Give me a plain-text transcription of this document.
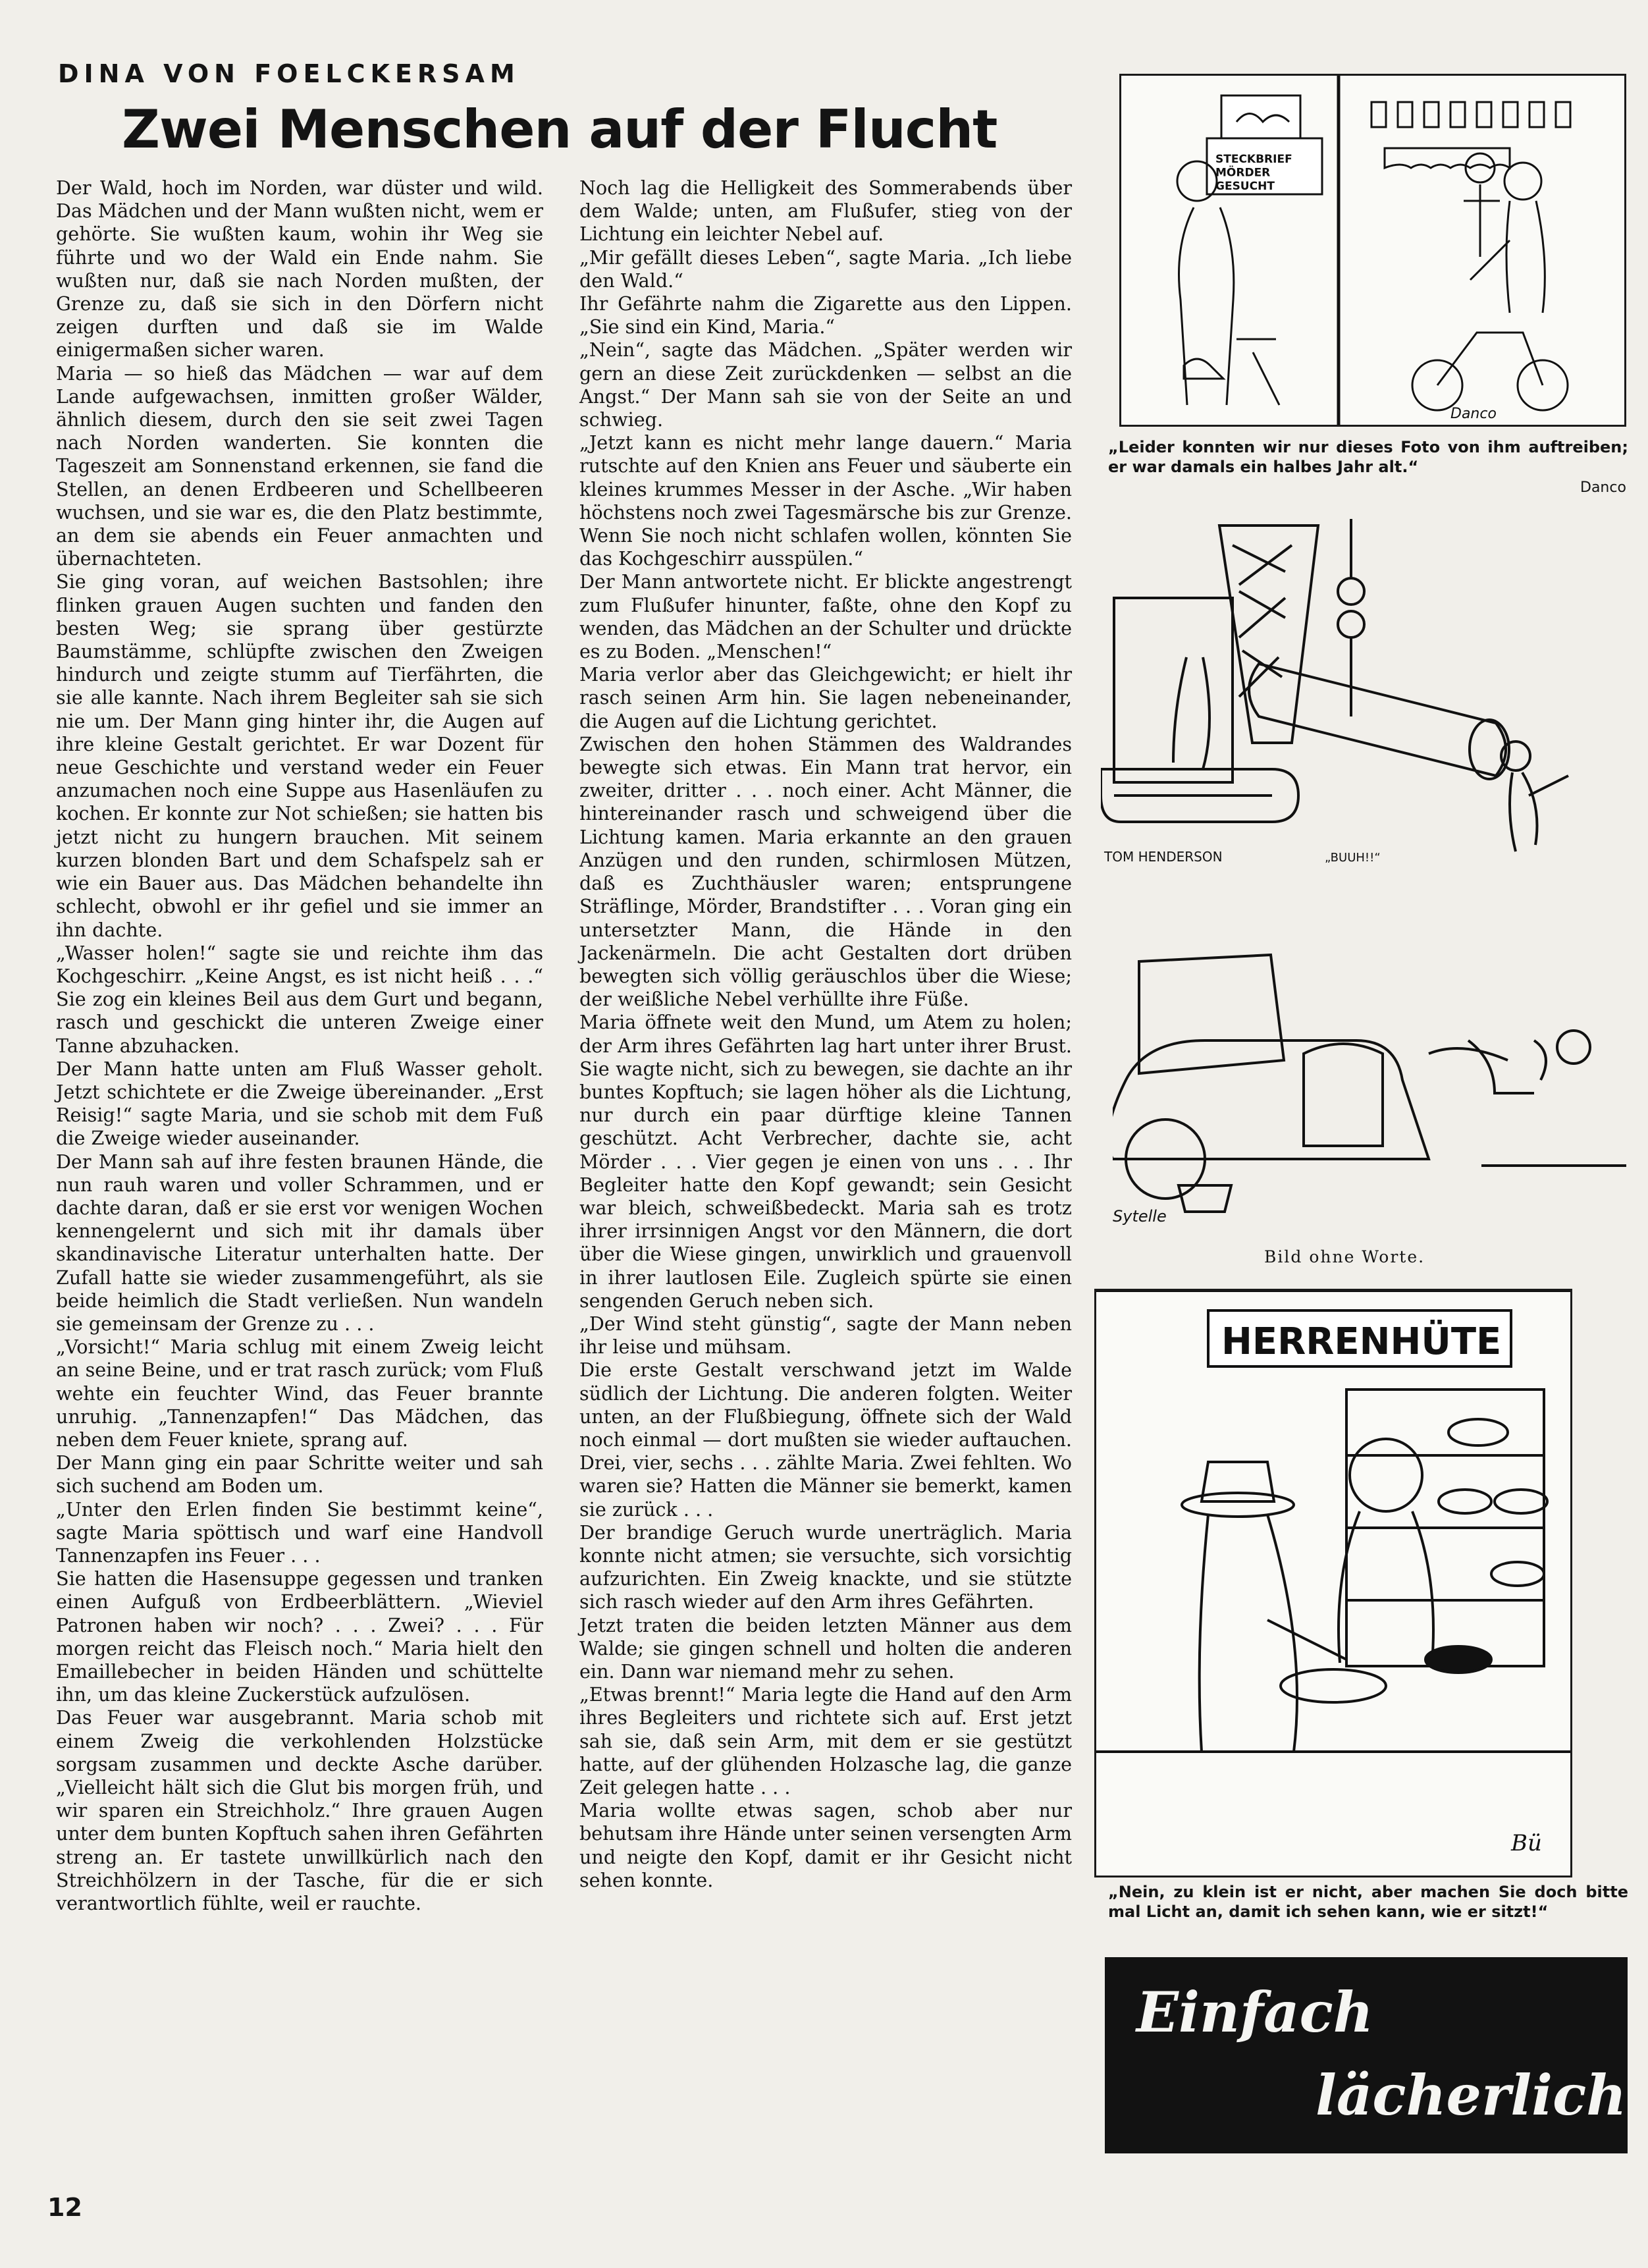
DINA VON FOELCKERSAM
Zwei Menschen auf der Flucht

Der Wald, hoch im Norden, war düster und wild. Das Mädchen und der Mann wußten nicht, wem er gehörte. Sie wußten kaum, wohin ihr Weg sie führte und wo der Wald ein Ende nahm. Sie wußten nur, daß sie nach Norden mußten, der Grenze zu, daß sie sich in den Dörfern nicht zeigen durften und daß sie im Walde einigermaßen sicher waren.

Maria — so hieß das Mädchen — war auf dem Lande aufgewachsen, inmitten großer Wälder, ähnlich diesem, durch den sie seit zwei Tagen nach Norden wanderten. Sie konnten die Tageszeit am Sonnenstand erkennen, sie fand die Stellen, an denen Erdbeeren und Schellbeeren wuchsen, und sie war es, die den Platz bestimmte, an dem sie abends ein Feuer anmachten und übernachteten.

Sie ging voran, auf weichen Bastsohlen; ihre flinken grauen Augen suchten und fanden den besten Weg; sie sprang über gestürzte Baumstämme, schlüpfte zwischen den Zweigen hindurch und zeigte stumm auf Tierfährten, die sie alle kannte. Nach ihrem Begleiter sah sie sich nie um. Der Mann ging hinter ihr, die Augen auf ihre kleine Gestalt gerichtet. Er war Dozent für neue Geschichte und verstand weder ein Feuer anzumachen noch eine Suppe aus Hasenläufen zu kochen. Er konnte zur Not schießen; sie hatten bis jetzt nicht zu hungern brauchen. Mit seinem kurzen blonden Bart und dem Schafspelz sah er wie ein Bauer aus. Das Mädchen behandelte ihn schlecht, obwohl er ihr gefiel und sie immer an ihn dachte.

„Wasser holen!“ sagte sie und reichte ihm das Kochgeschirr. „Keine Angst, es ist nicht heiß . . .“ Sie zog ein kleines Beil aus dem Gurt und begann, rasch und geschickt die unteren Zweige einer Tanne abzuhacken.

Der Mann hatte unten am Fluß Wasser geholt. Jetzt schichtete er die Zweige übereinander. „Erst Reisig!“ sagte Maria, und sie schob mit dem Fuß die Zweige wieder auseinander.

Der Mann sah auf ihre festen braunen Hände, die nun rauh waren und voller Schrammen, und er dachte daran, daß er sie erst vor wenigen Wochen kennengelernt und sich mit ihr damals über skandinavische Literatur unterhalten hatte. Der Zufall hatte sie wieder zusammengeführt, als sie beide heimlich die Stadt verließen. Nun wandeln sie gemeinsam der Grenze zu . . .

„Vorsicht!“ Maria schlug mit einem Zweig leicht an seine Beine, und er trat rasch zurück; vom Fluß wehte ein feuchter Wind, das Feuer brannte unruhig. „Tannenzapfen!“ Das Mädchen, das neben dem Feuer kniete, sprang auf.

Der Mann ging ein paar Schritte weiter und sah sich suchend am Boden um.

„Unter den Erlen finden Sie bestimmt keine“, sagte Maria spöttisch und warf eine Handvoll Tannenzapfen ins Feuer . . .

Sie hatten die Hasensuppe gegessen und tranken einen Aufguß von Erdbeerblättern. „Wieviel Patronen haben wir noch? . . . Zwei? . . . Für morgen reicht das Fleisch noch.“ Maria hielt den Emaillebecher in beiden Händen und schüttelte ihn, um das kleine Zuckerstück aufzulösen.

Das Feuer war ausgebrannt. Maria schob mit einem Zweig die verkohlenden Holzstücke sorgsam zusammen und deckte Asche darüber. „Vielleicht hält sich die Glut bis morgen früh, und wir sparen ein Streichholz.“ Ihre grauen Augen unter dem bunten Kopftuch sahen ihren Gefährten streng an. Er tastete unwillkürlich nach den Streichhölzern in der Tasche, für die er sich verantwortlich fühlte, weil er rauchte.

Noch lag die Helligkeit des Sommerabends über dem Walde; unten, am Flußufer, stieg von der Lichtung ein leichter Nebel auf.

„Mir gefällt dieses Leben“, sagte Maria. „Ich liebe den Wald.“

Ihr Gefährte nahm die Zigarette aus den Lippen. „Sie sind ein Kind, Maria.“

„Nein“, sagte das Mädchen. „Später werden wir gern an diese Zeit zurückdenken — selbst an die Angst.“ Der Mann sah sie von der Seite an und schwieg.

„Jetzt kann es nicht mehr lange dauern.“ Maria rutschte auf den Knien ans Feuer und säuberte ein kleines krummes Messer in der Asche. „Wir haben höchstens noch zwei Tagesmärsche bis zur Grenze. Wenn Sie noch nicht schlafen wollen, könnten Sie das Kochgeschirr ausspülen.“

Der Mann antwortete nicht. Er blickte angestrengt zum Flußufer hinunter, faßte, ohne den Kopf zu wenden, das Mädchen an der Schulter und drückte es zu Boden. „Menschen!“

Maria verlor aber das Gleichgewicht; er hielt ihr rasch seinen Arm hin. Sie lagen nebeneinander, die Augen auf die Lichtung gerichtet.

Zwischen den hohen Stämmen des Waldrandes bewegte sich etwas. Ein Mann trat hervor, ein zweiter, dritter . . . noch einer. Acht Männer, die hintereinander rasch und schweigend über die Lichtung kamen. Maria erkannte an den grauen Anzügen und den runden, schirmlosen Mützen, daß es Zuchthäusler waren; entsprungene Sträflinge, Mörder, Brandstifter . . . Voran ging ein untersetzter Mann, die Hände in den Jackenärmeln. Die acht Gestalten dort drüben bewegten sich völlig geräuschlos über die Wiese; der weißliche Nebel verhüllte ihre Füße.

Maria öffnete weit den Mund, um Atem zu holen; der Arm ihres Gefährten lag hart unter ihrer Brust. Sie wagte nicht, sich zu bewegen, sie dachte an ihr buntes Kopftuch; sie lagen höher als die Lichtung, nur durch ein paar dürftige kleine Tannen geschützt. Acht Verbrecher, dachte sie, acht Mörder . . . Vier gegen je einen von uns . . . Ihr Begleiter hatte den Kopf gewandt; sein Gesicht war bleich, schweißbedeckt. Maria sah es trotz ihrer irrsinnigen Angst vor den Männern, die dort über die Wiese gingen, unwirklich und grauenvoll in ihrer lautlosen Eile. Zugleich spürte sie einen sengenden Geruch neben sich.

„Der Wind steht günstig“, sagte der Mann neben ihr leise und mühsam.

Die erste Gestalt verschwand jetzt im Walde südlich der Lichtung. Die anderen folgten. Weiter unten, an der Flußbiegung, öffnete sich der Wald noch einmal — dort mußten sie wieder auftauchen. Drei, vier, sechs . . . zählte Maria. Zwei fehlten. Wo waren sie? Hatten die Männer sie bemerkt, kamen sie zurück . . .

Der brandige Geruch wurde unerträglich. Maria konnte nicht atmen; sie versuchte, sich vorsichtig aufzurichten. Ein Zweig knackte, und sie stützte sich rasch wieder auf den Arm ihres Gefährten.

Jetzt traten die beiden letzten Männer aus dem Walde; sie gingen schnell und holten die anderen ein. Dann war niemand mehr zu sehen.

„Etwas brennt!“ Maria legte die Hand auf den Arm ihres Begleiters und richtete sich auf. Erst jetzt sah sie, daß sein Arm, mit dem er sie gestützt hatte, auf der glühenden Holzasche lag, die ganze Zeit gelegen hatte . . .

Maria wollte etwas sagen, schob aber nur behutsam ihre Hände unter seinen versengten Arm und neigte den Kopf, damit er ihr Gesicht nicht sehen konnte.

STECKBRIEF MÖRDER GESUCHT
Danco
„Leider konnten wir nur dieses Foto von ihm auftreiben; er war damals ein halbes Jahr alt.“
Danco
TOM HENDERSON	„BUUH!!“
Sytelle
Bild ohne Worte.
HERRENHÜTE
Bü
„Nein, zu klein ist er nicht, aber machen Sie doch bitte mal Licht an, damit ich sehen kann, wie er sitzt!“
Einfach
lächerlich
12
